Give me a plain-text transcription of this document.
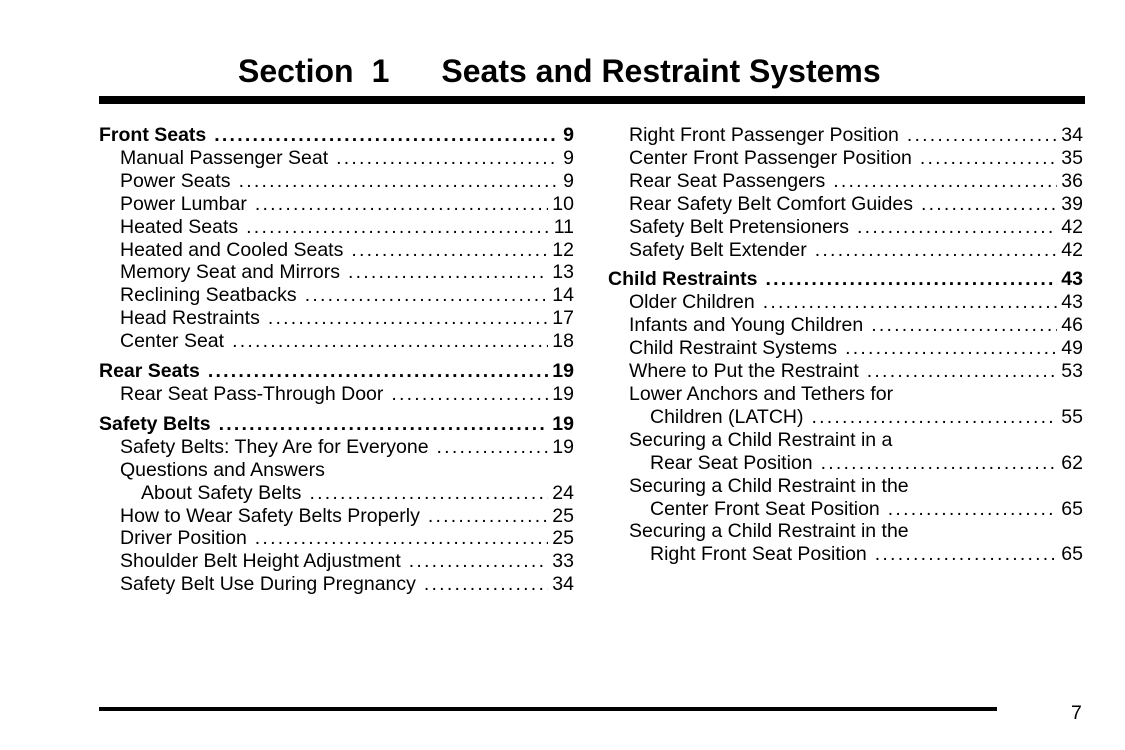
Section 1 Seats and Restraint Systems
Front Seats . . .	9
Manual Passenger Seat . . .	9
Power Seats . . .	9
Power Lumbar . . .	10
Heated Seats . . .	11
Heated and Cooled Seats . . .	12
Memory Seat and Mirrors . . .	13
Reclining Seatbacks . . .	14
Head Restraints . . .	17
Center Seat . . .	18
Rear Seats . . .	19
Rear Seat Pass-Through Door . . .	19
Safety Belts . . .	19
Safety Belts: They Are for Everyone . . .	19
Questions and Answers
About Safety Belts . . .	24
How to Wear Safety Belts Properly . . .	25
Driver Position . . .	25
Shoulder Belt Height Adjustment . . .	33
Safety Belt Use During Pregnancy . . .	34
Right Front Passenger Position . . .	34
Center Front Passenger Position . . .	35
Rear Seat Passengers . . .	36
Rear Safety Belt Comfort Guides . . .	39
Safety Belt Pretensioners . . .	42
Safety Belt Extender . . .	42
Child Restraints . . .	43
Older Children . . .	43
Infants and Young Children . . .	46
Child Restraint Systems . . .	49
Where to Put the Restraint . . .	53
Lower Anchors and Tethers for
Children (LATCH) . . .	55
Securing a Child Restraint in a
Rear Seat Position . . .	62
Securing a Child Restraint in the
Center Front Seat Position . . .	65
Securing a Child Restraint in the
Right Front Seat Position . . .	65
7
